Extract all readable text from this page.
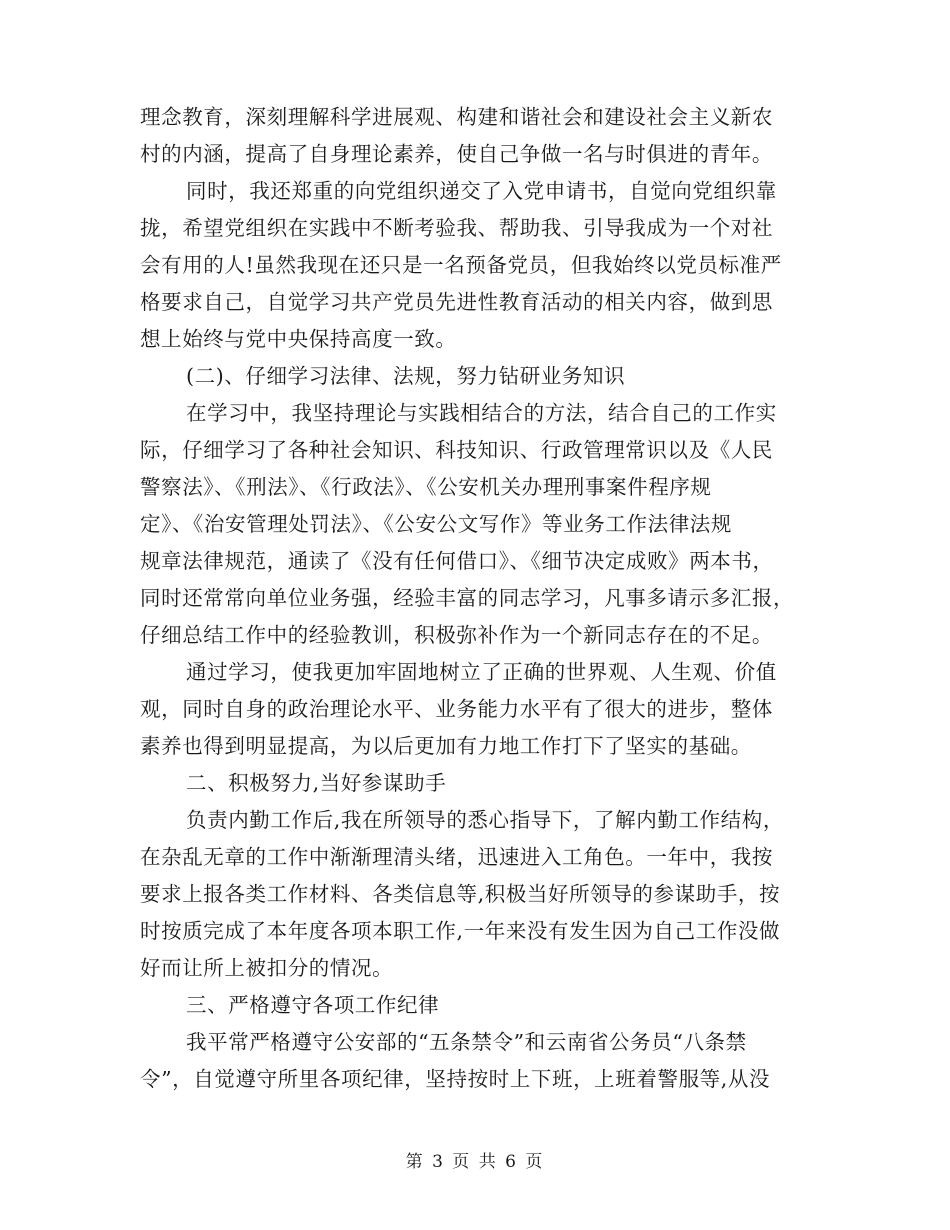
理念教育，深刻理解科学进展观、构建和谐社会和建设社会主义新农
村的内涵，提高了自身理论素养，使自己争做一名与时俱进的青年。
同时，我还郑重的向党组织递交了入党申请书，自觉向党组织靠
拢，希望党组织在实践中不断考验我、帮助我、引导我成为一个对社
会有用的人!虽然我现在还只是一名预备党员，但我始终以党员标准严
格要求自己，自觉学习共产党员先进性教育活动的相关内容，做到思
想上始终与党中央保持高度一致。
(二)、仔细学习法律、法规，努力钻研业务知识
在学习中，我坚持理论与实践相结合的方法，结合自己的工作实
际，仔细学习了各种社会知识、科技知识、行政管理常识以及《人民
警察法》、《刑法》、《行政法》、《公安机关办理刑事案件程序规
定》、《治安管理处罚法》、《公安公文写作》等业务工作法律法规
规章法律规范，通读了《没有任何借口》、《细节决定成败》两本书，
同时还常常向单位业务强，经验丰富的同志学习，凡事多请示多汇报，
仔细总结工作中的经验教训，积极弥补作为一个新同志存在的不足。
通过学习，使我更加牢固地树立了正确的世界观、人生观、价值
观，同时自身的政治理论水平、业务能力水平有了很大的进步，整体
素养也得到明显提高，为以后更加有力地工作打下了坚实的基础。
二、积极努力,当好参谋助手
负责内勤工作后,我在所领导的悉心指导下，了解内勤工作结构，
在杂乱无章的工作中渐渐理清头绪，迅速进入工角色。一年中，我按
要求上报各类工作材料、各类信息等,积极当好所领导的参谋助手，按
时按质完成了本年度各项本职工作,一年来没有发生因为自己工作没做
好而让所上被扣分的情况。
三、严格遵守各项工作纪律
我平常严格遵守公安部的“五条禁令”和云南省公务员“八条禁
令”，自觉遵守所里各项纪律，坚持按时上下班，上班着警服等,从没
第 3 页 共 6 页
